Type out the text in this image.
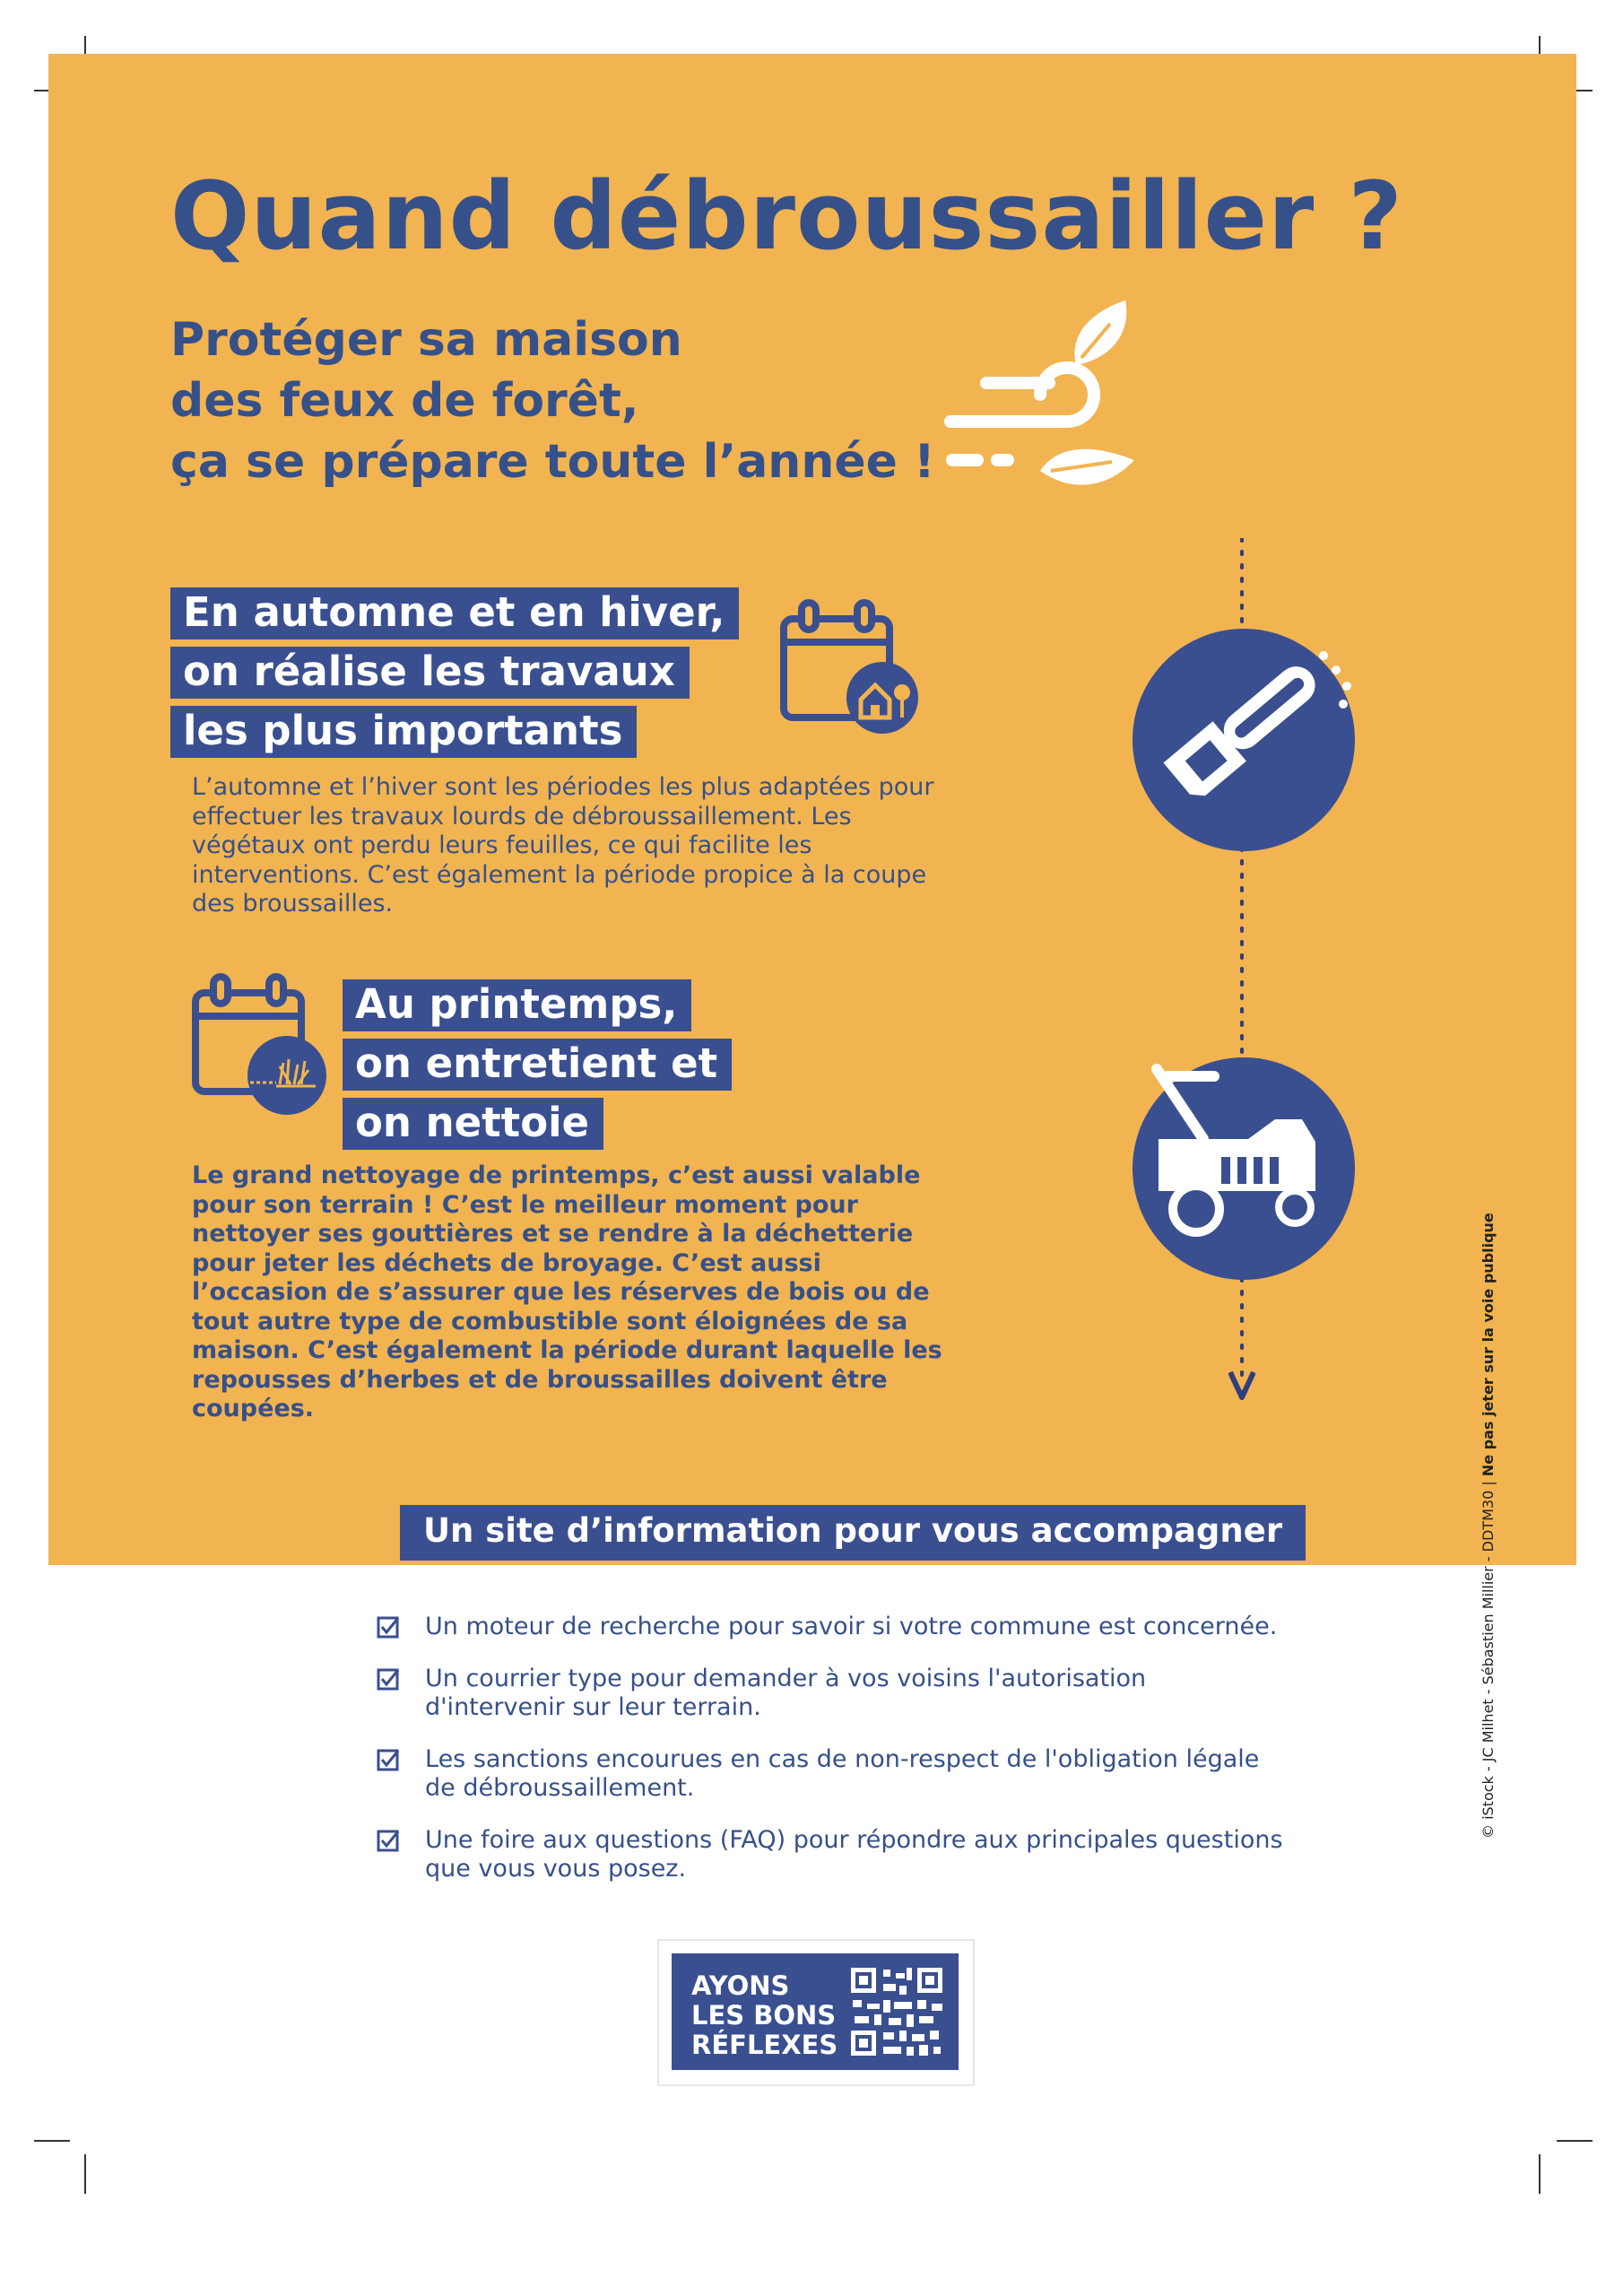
Quand débroussailler ?
Protéger sa maison
des feux de forêt,
ça se prépare toute l’année !
En automne et en hiver,
on réalise les travaux
les plus importants

L’automne et l’hiver sont les périodes les plus adaptées pour effectuer les travaux lourds de débroussaillement. Les végétaux ont perdu leurs feuilles, ce qui facilite les interventions. C’est également la période propice à la coupe des broussailles.

Au printemps,
on entretient et
on nettoie

Le grand nettoyage de printemps, c’est aussi valable pour son terrain ! C’est le meilleur moment pour nettoyer ses gouttières et se rendre à la déchetterie pour jeter les déchets de broyage. C’est aussi l’occasion de s’assurer que les réserves de bois ou de tout autre type de combustible sont éloignées de sa maison. C’est également la période durant laquelle les repousses d’herbes et de broussailles doivent être coupées.

Un site d’information pour vous accompagner
Un moteur de recherche pour savoir si votre commune est concernée.
Un courrier type pour demander à vos voisins l'autorisation d'intervenir sur leur terrain.
Les sanctions encourues en cas de non-respect de l'obligation légale de débroussaillement.
Une foire aux questions (FAQ) pour répondre aux principales questions que vous vous posez.
AYONS
LES BONS
RÉFLEXES
© iStock - JC Milhet - Sébastien Millier - DDTM30 | Ne pas jeter sur la voie publique
